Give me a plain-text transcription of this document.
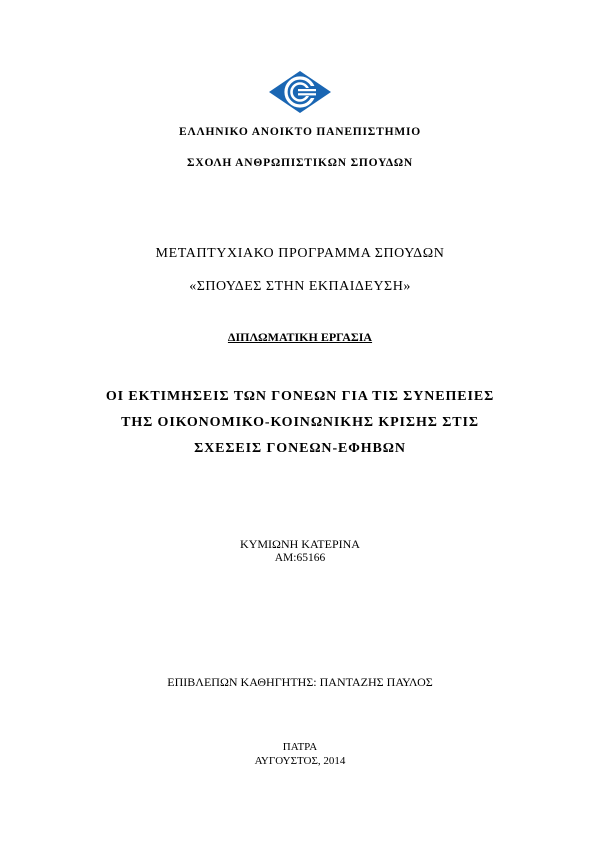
ΕΛΛΗΝΙΚΟ ΑΝΟΙΚΤΟ ΠΑΝΕΠΙΣΤΗΜΙΟ
ΣΧΟΛΗ ΑΝΘΡΩΠΙΣΤΙΚΩΝ ΣΠΟΥΔΩΝ
ΜΕΤΑΠΤΥΧΙΑΚΟ ΠΡΟΓΡΑΜΜΑ ΣΠΟΥΔΩΝ
«ΣΠΟΥΔΕΣ ΣΤΗΝ ΕΚΠΑΙΔΕΥΣΗ»
ΔΙΠΛΩΜΑΤΙΚΗ ΕΡΓΑΣΙΑ
ΟΙ ΕΚΤΙΜΗΣΕΙΣ ΤΩΝ ΓΟΝΕΩΝ ΓΙΑ ΤΙΣ ΣΥΝΕΠΕΙΕΣ
ΤΗΣ ΟΙΚΟΝΟΜΙΚΟ-ΚΟΙΝΩΝΙΚΗΣ ΚΡΙΣΗΣ ΣΤΙΣ
ΣΧΕΣΕΙΣ ΓΟΝΕΩΝ-ΕΦΗΒΩΝ
ΚΥΜΙΩΝΗ ΚΑΤΕΡΙΝΑ
ΑΜ:65166
ΕΠΙΒΛΕΠΩΝ ΚΑΘΗΓΗΤΗΣ: ΠΑΝΤΑΖΗΣ ΠΑΥΛΟΣ
ΠΑΤΡΑ
ΑΥΓΟΥΣΤΟΣ, 2014
